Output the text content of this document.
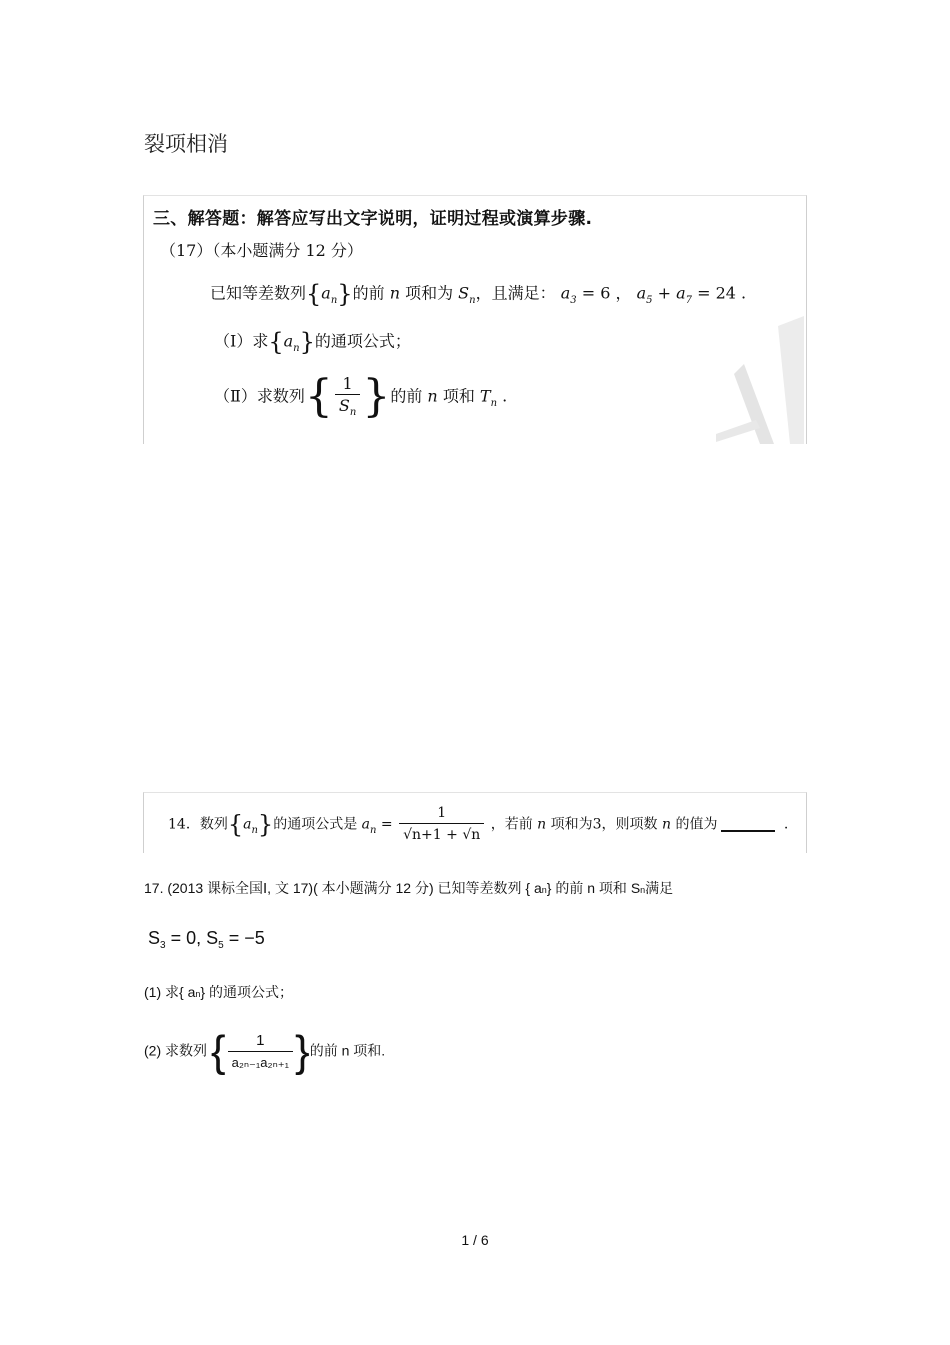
裂项相消
三、解答题：解答应写出文字说明，证明过程或演算步骤.
（17）（本小题满分 12 分）
已知等差数列$\{a_n\}$的前 n 项和为 $S_n$，且满足： $a_3 = 6$ ， $a_5 + a_7 = 24$ .
（Ⅰ）求$\{a_n\}$的通项公式；
（Ⅱ）求数列{ $\frac{1}{S_n}$ }的前 n 项和 $T_n$ .
14．数列$\{a_n\}$的通项公式是 $a_n = \frac{1}{√n+1 + √n}$ ，若前 n 项和为3，则项数 n 的值为	.
17. (2013 课标全国Ⅰ, 文 17)( 本小题满分 12 分) 已知等差数列 { an} 的前 n 项和 Sn满足
$S_3 = 0$, $S_5 = -5$
(1) 求{ an} 的通项公式；
(2) 求数列 { $\frac{1}{\text{a₂ₙ₋₁a₂ₙ₊₁}}$ }的前 n 项和.
1 / 6
